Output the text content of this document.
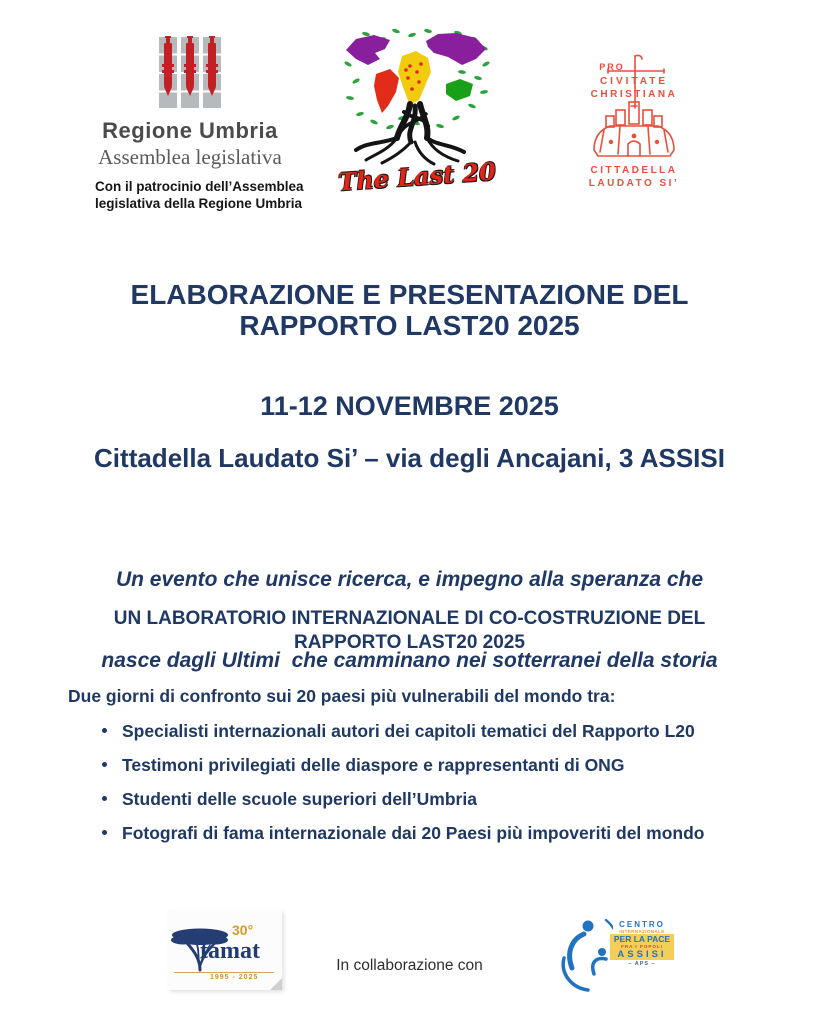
Regione Umbria
Assemblea legislativa
Con il patrocinio dell’Assemblea
legislativa della Regione Umbria
The Last 20
PRO
CIVITATE
CHRISTIANA
CITTADELLA
LAUDATO SI’
ELABORAZIONE E PRESENTAZIONE DEL
RAPPORTO LAST20 2025
11-12 NOVEMBRE 2025
Cittadella Laudato Si’ – via degli Ancajani, 3 ASSISI

Un evento che unisce ricerca, e impegno alla speranza che

nasce dagli Ultimi  che camminano nei sotterranei della storia

UN LABORATORIO INTERNAZIONALE DI CO-COSTRUZIONE DEL
RAPPORTO LAST20 2025
Due giorni di confronto sui 20 paesi più vulnerabili del mondo tra:
Specialisti internazionali autori dei capitoli tematici del Rapporto L20
Testimoni privilegiati delle diaspore e rappresentanti di ONG
Studenti delle scuole superiori dell’Umbria
Fotografi di fama internazionale dai 20 Paesi più impoveriti del mondo
30°
tamat
1995 - 2025
In collaborazione con
CENTRO
INTERNAZIONALE
PER LA PACE
FRA I POPOLI
ASSISI
– APS –
